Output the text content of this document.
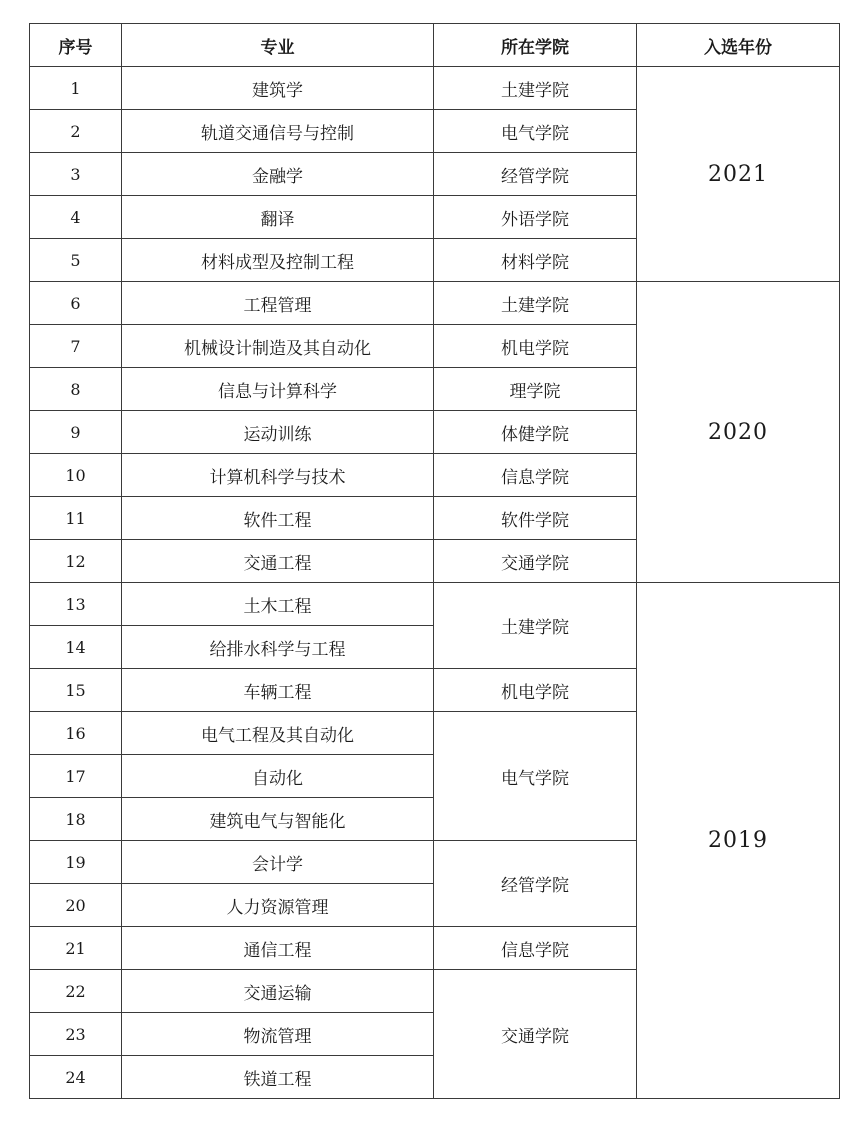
序号	专业	所在学院	入选年份
1	建筑学	土建学院	2021
2	轨道交通信号与控制	电气学院	
3	金融学	经管学院	
4	翻译	外语学院	
5	材料成型及控制工程	材料学院	
6	工程管理	土建学院	2020
7	机械设计制造及其自动化	机电学院	
8	信息与计算科学	理学院	
9	运动训练	体健学院	
10	计算机科学与技术	信息学院	
11	软件工程	软件学院	
12	交通工程	交通学院	
13	土木工程	土建学院	2019
14	给排水科学与工程		
15	车辆工程	机电学院	
16	电气工程及其自动化	电气学院	
17	自动化		
18	建筑电气与智能化		
19	会计学	经管学院	
20	人力资源管理		
21	通信工程	信息学院	
22	交通运输	交通学院	
23	物流管理		
24	铁道工程		
